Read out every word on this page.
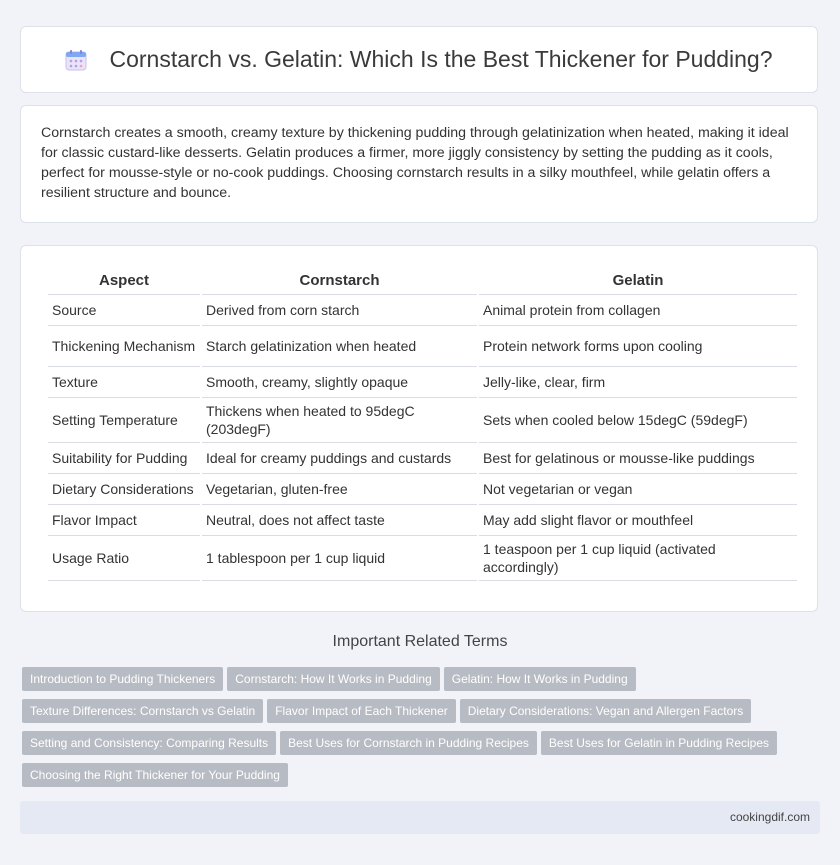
Cornstarch vs. Gelatin: Which Is the Best Thickener for Pudding?

Cornstarch creates a smooth, creamy texture by thickening pudding through gelatinization when heated, making it ideal for classic custard-like desserts. Gelatin produces a firmer, more jiggly consistency by setting the pudding as it cools, perfect for mousse-style or no-cook puddings. Choosing cornstarch results in a silky mouthfeel, while gelatin offers a resilient structure and bounce.

Aspect	Cornstarch	Gelatin
Source	Derived from corn starch	Animal protein from collagen
Thickening Mechanism	Starch gelatinization when heated	Protein network forms upon cooling
Texture	Smooth, creamy, slightly opaque	Jelly-like, clear, firm
Setting Temperature	Thickens when heated to 95degC (203degF)	Sets when cooled below 15degC (59degF)
Suitability for Pudding	Ideal for creamy puddings and custards	Best for gelatinous or mousse-like puddings
Dietary Considerations	Vegetarian, gluten-free	Not vegetarian or vegan
Flavor Impact	Neutral, does not affect taste	May add slight flavor or mouthfeel
Usage Ratio	1 tablespoon per 1 cup liquid	1 teaspoon per 1 cup liquid (activated accordingly)
Important Related Terms
Introduction to Pudding Thickeners Cornstarch: How It Works in Pudding Gelatin: How It Works in Pudding
Texture Differences: Cornstarch vs Gelatin Flavor Impact of Each Thickener Dietary Considerations: Vegan and Allergen Factors
Setting and Consistency: Comparing Results Best Uses for Cornstarch in Pudding Recipes Best Uses for Gelatin in Pudding Recipes
Choosing the Right Thickener for Your Pudding
cookingdif.com
